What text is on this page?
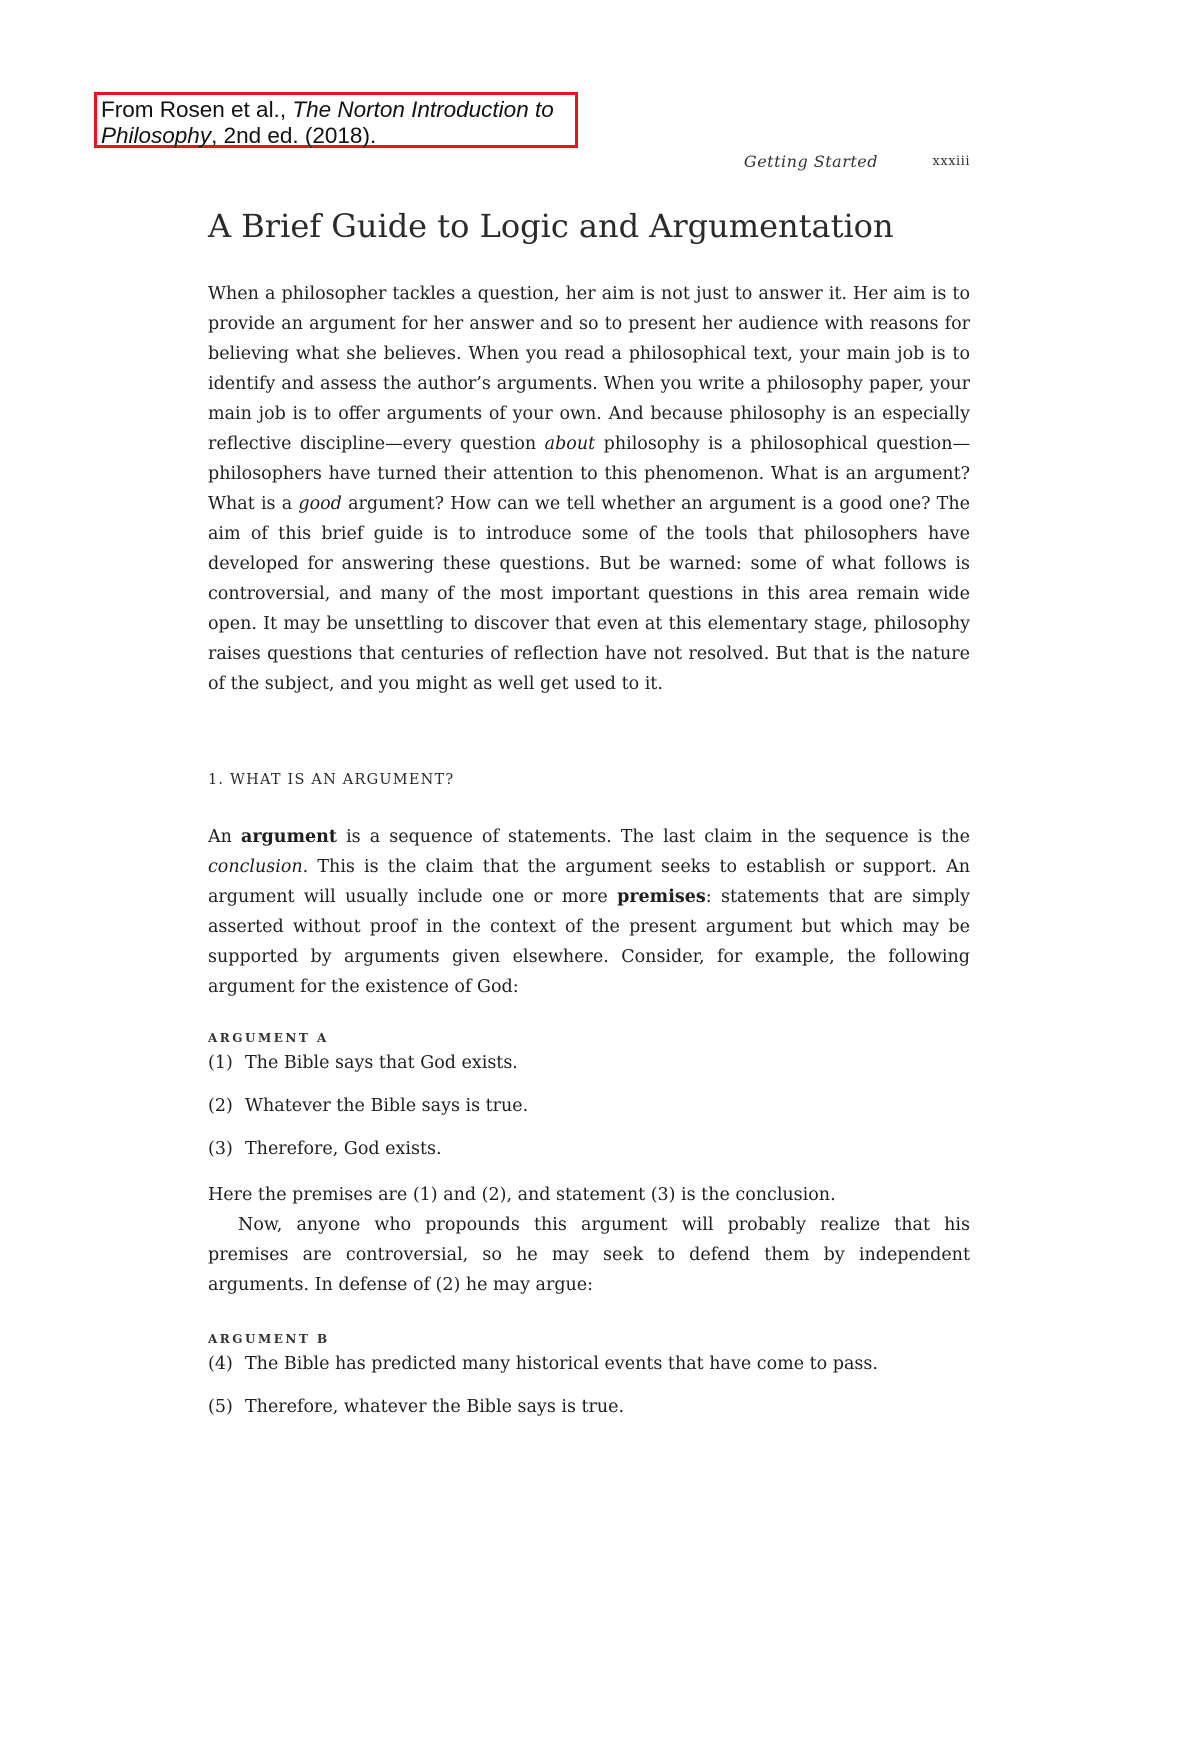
From Rosen et al., The Norton Introduction to Philosophy, 2nd ed. (2018).
Getting Started	xxxiii
A Brief Guide to Logic and Argumentation

When a philosopher tackles a question, her aim is not just to answer it. Her aim is to provide an argument for her answer and so to present her audience with reasons for believing what she believes. When you read a philosophical text, your main job is to identify and assess the author’s arguments. When you write a philosophy paper, your main job is to offer arguments of your own. And because philosophy is an especially reflective discipline—every question about philosophy is a philosophical question—philosophers have turned their attention to this phenomenon. What is an argument? What is a good argument? How can we tell whether an argument is a good one? The aim of this brief guide is to introduce some of the tools that philosophers have developed for answering these questions. But be warned: some of what follows is controversial, and many of the most important questions in this area remain wide open. It may be unsettling to discover that even at this elementary stage, philosophy raises questions that centuries of reflection have not resolved. But that is the nature of the subject, and you might as well get used to it.

1. WHAT IS AN ARGUMENT?

An argument is a sequence of statements. The last claim in the sequence is the conclusion. This is the claim that the argument seeks to establish or support. An argument will usually include one or more premises: statements that are simply asserted without proof in the context of the present argument but which may be supported by arguments given elsewhere. Consider, for example, the following argument for the existence of God:

ARGUMENT A
(1) The Bible says that God exists.
(2) Whatever the Bible says is true.
(3) Therefore, God exists.

Here the premises are (1) and (2), and statement (3) is the conclusion.

Now, anyone who propounds this argument will probably realize that his premises are controversial, so he may seek to defend them by independent arguments. In defense of (2) he may argue:

ARGUMENT B
(4) The Bible has predicted many historical events that have come to pass.
(5) Therefore, whatever the Bible says is true.
